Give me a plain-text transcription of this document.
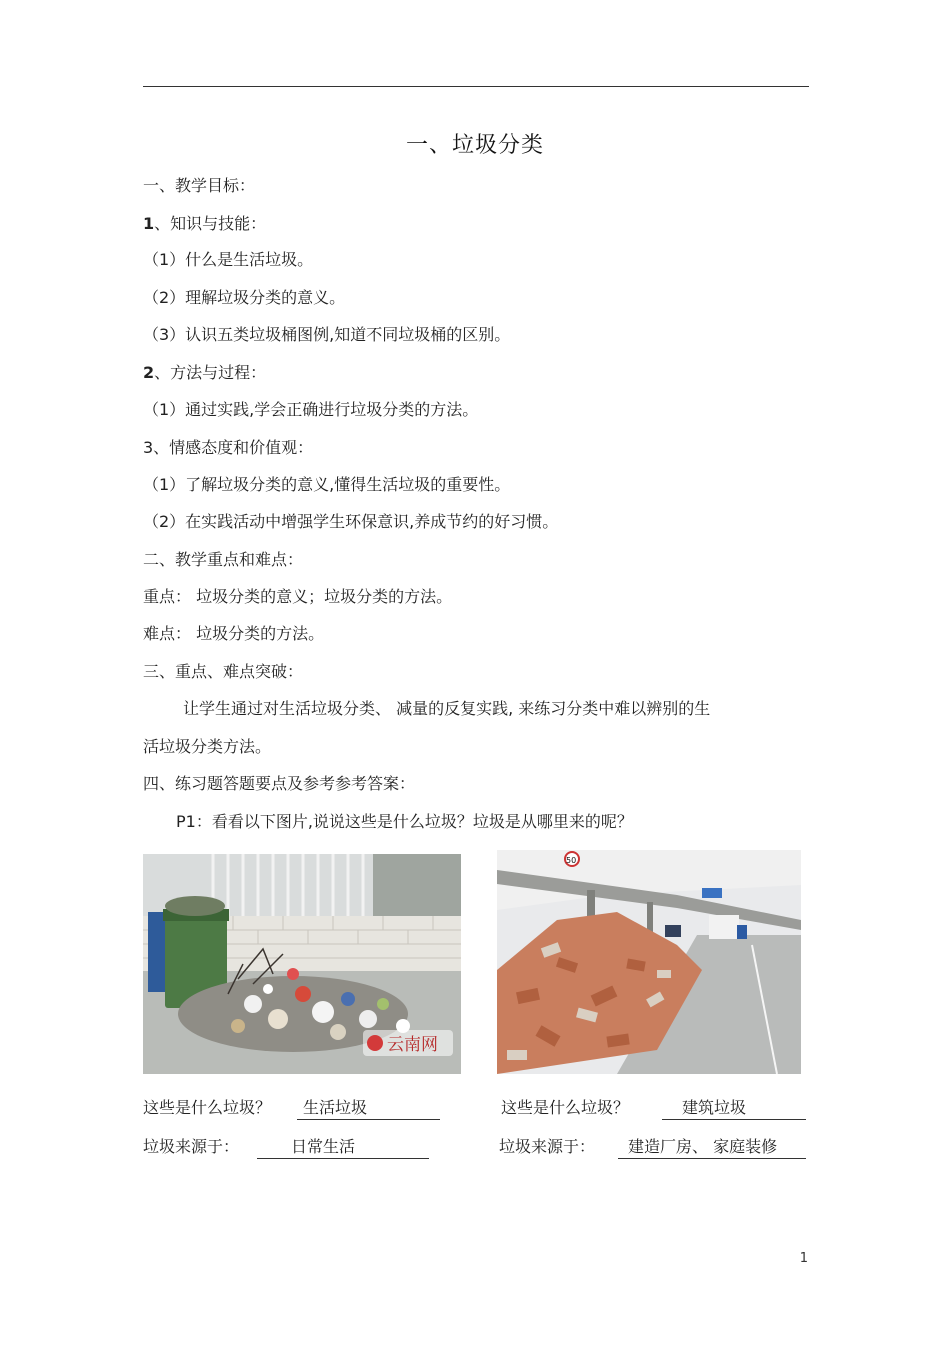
一、垃圾分类
一、教学目标：
1、知识与技能：
（1）什么是生活垃圾。
（2）理解垃圾分类的意义。
（3）认识五类垃圾桶图例,知道不同垃圾桶的区别。
2、方法与过程：
（1）通过实践,学会正确进行垃圾分类的方法。
3、情感态度和价值观：
（1）了解垃圾分类的意义,懂得生活垃圾的重要性。
（2）在实践活动中增强学生环保意识,养成节约的好习惯。
二、教学重点和难点：
重点： 垃圾分类的意义；垃圾分类的方法。
难点： 垃圾分类的方法。
三、重点、难点突破：
让学生通过对生活垃圾分类、 减量的反复实践, 来练习分类中难以辨别的生
活垃圾分类方法。
四、练习题答题要点及参考参考答案：
P1：看看以下图片,说说这些是什么垃圾？垃圾是从哪里来的呢？
云南网
50
这些是什么垃圾？	生活垃圾
垃圾来源于：	日常生活
这些是什么垃圾？	建筑垃圾
垃圾来源于：	建造厂房、 家庭装修
1
